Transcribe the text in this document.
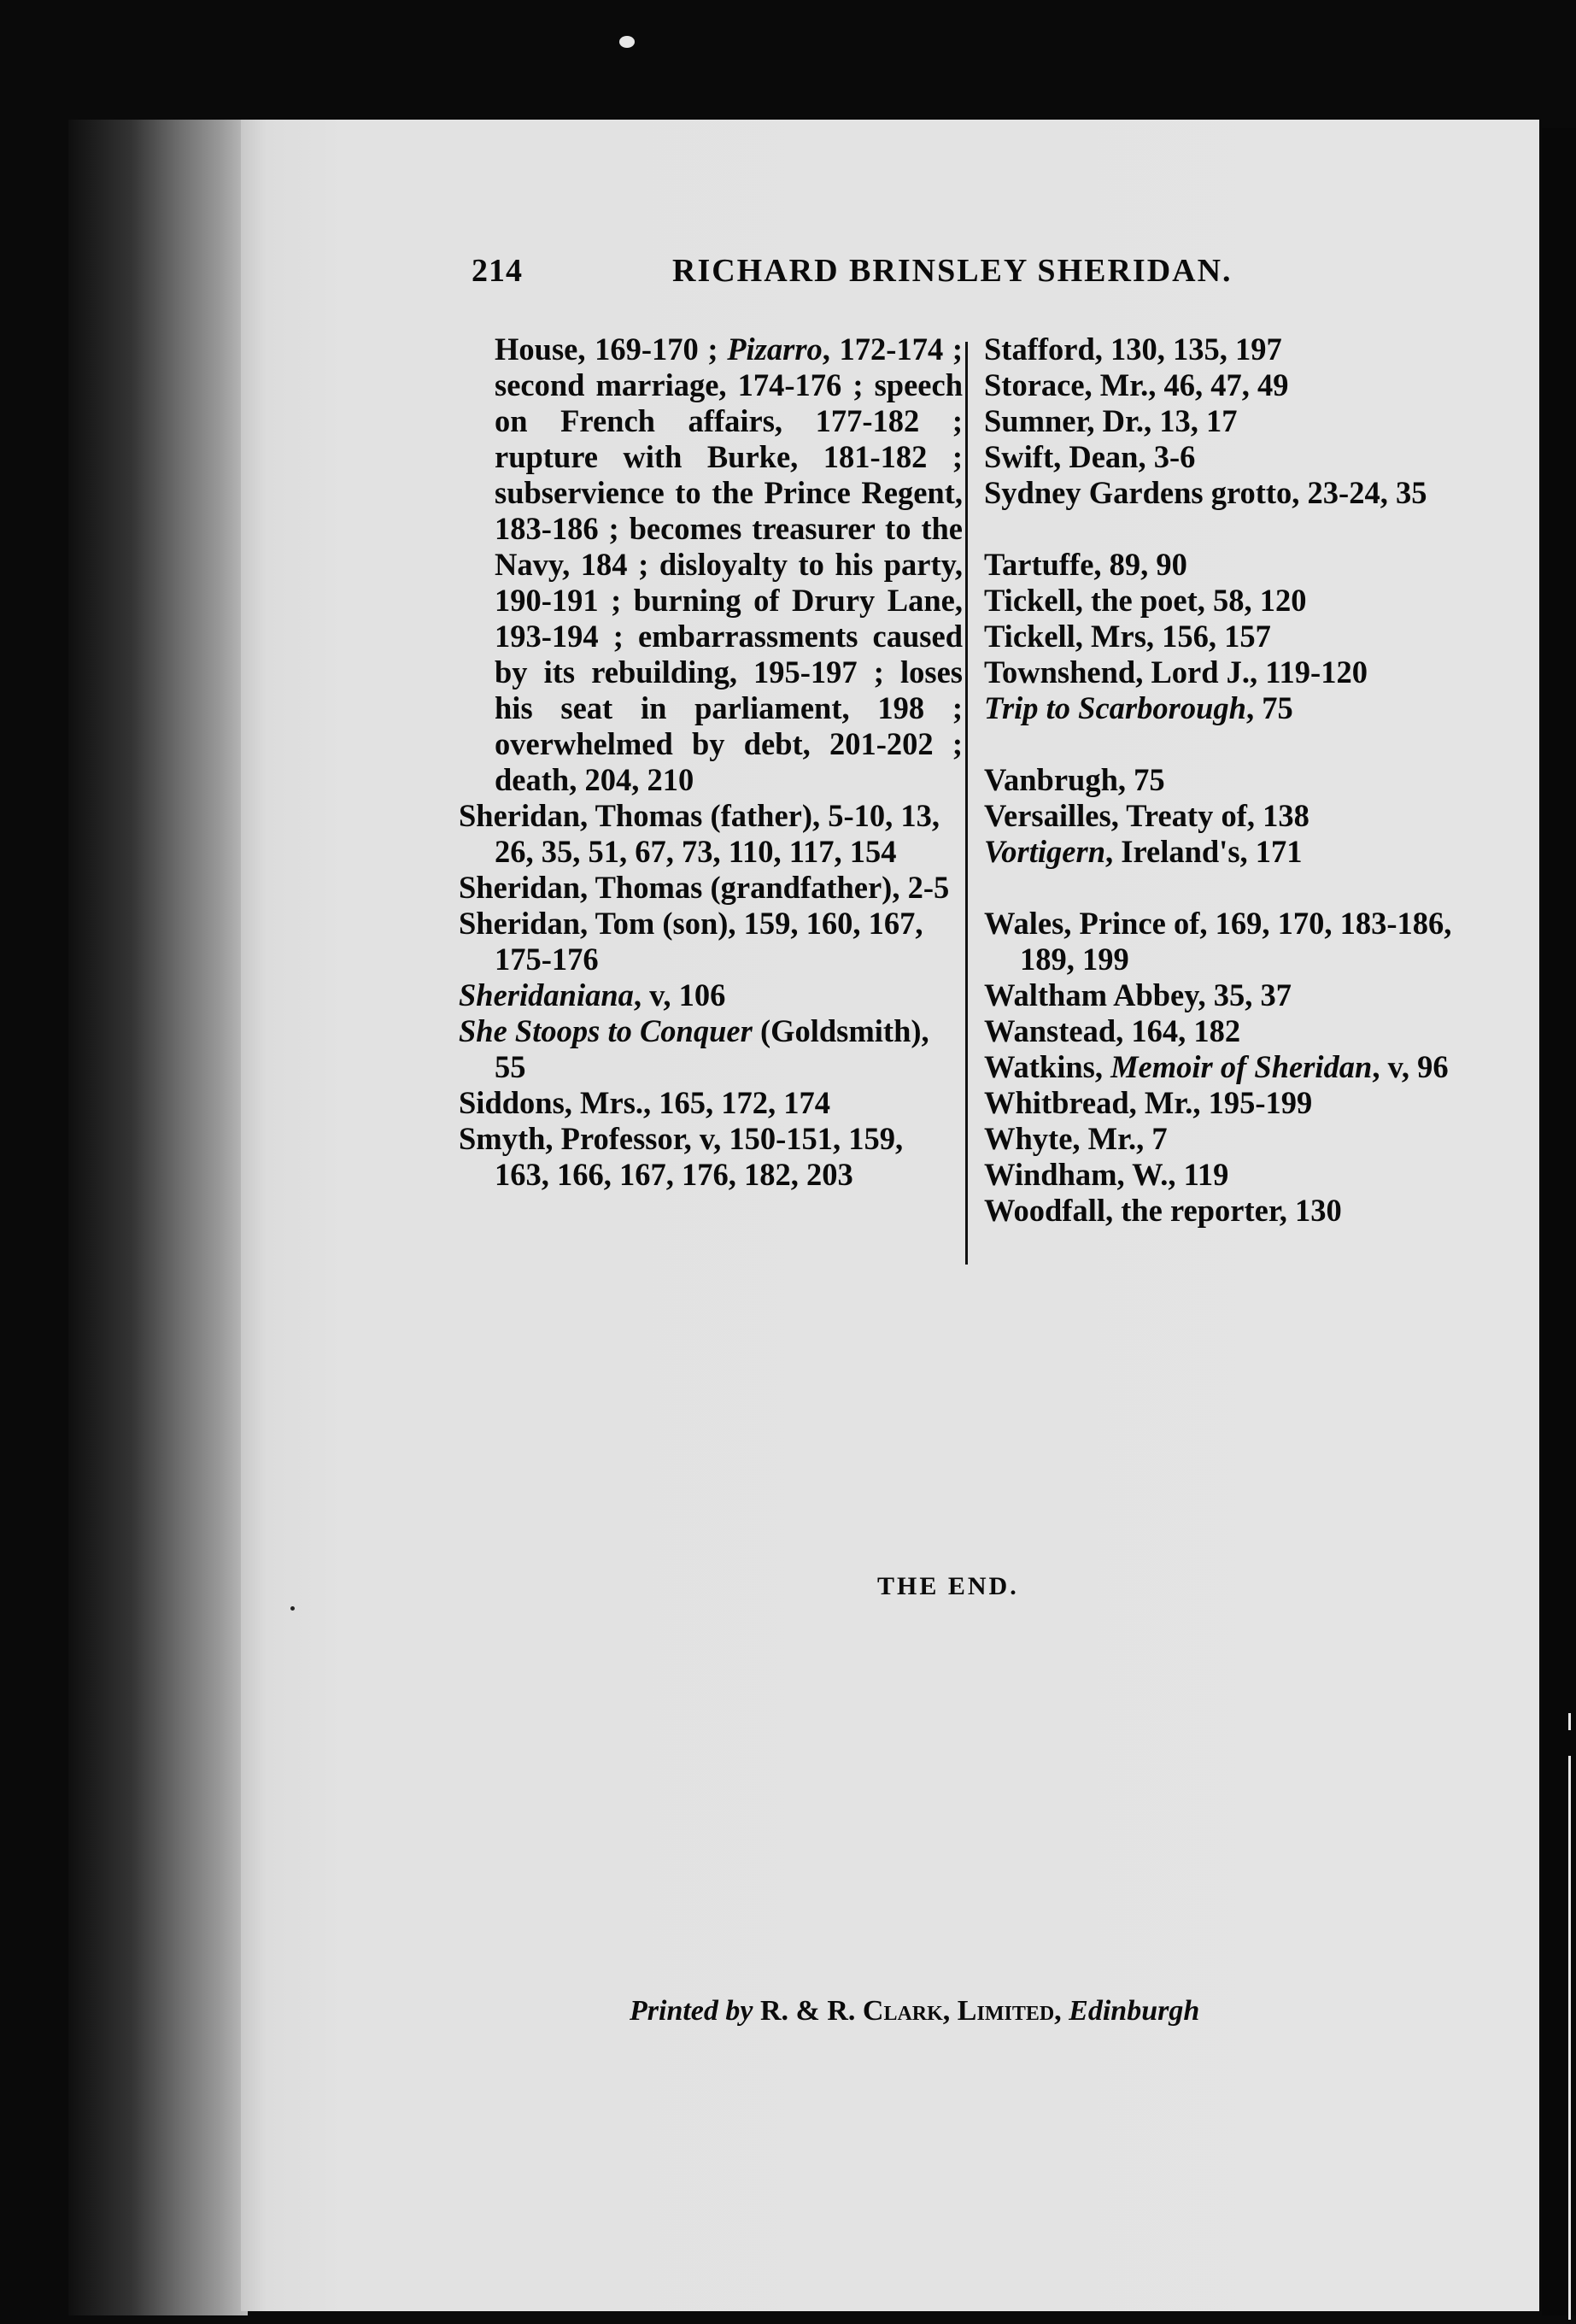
214	RICHARD BRINSLEY SHERIDAN.

House, 169-170 ; Pizarro, 172-174 ; second marriage, 174-176 ; speech on French affairs, 177-182 ; rupture with Burke, 181-182 ; subservience to the Prince Regent, 183-186 ; becomes treasurer to the Navy, 184 ; disloyalty to his party, 190-191 ; burning of Drury Lane, 193-194 ; embarrassments caused by its rebuilding, 195-197 ; loses his seat in parliament, 198 ; overwhelmed by debt, 201-202 ; death, 204, 210

Sheridan, Thomas (father), 5-10, 13, 26, 35, 51, 67, 73, 110, 117, 154

Sheridan, Thomas (grandfather), 2-5

Sheridan, Tom (son), 159, 160, 167, 175-176

Sheridaniana, v, 106

She Stoops to Conquer (Goldsmith), 55

Siddons, Mrs., 165, 172, 174

Smyth, Professor, v, 150-151, 159, 163, 166, 167, 176, 182, 203

Stafford, 130, 135, 197

Storace, Mr., 46, 47, 49

Sumner, Dr., 13, 17

Swift, Dean, 3-6

Sydney Gardens grotto, 23-24, 35

Tartuffe, 89, 90

Tickell, the poet, 58, 120

Tickell, Mrs, 156, 157

Townshend, Lord J., 119-120

Trip to Scarborough, 75

Vanbrugh, 75

Versailles, Treaty of, 138

Vortigern, Ireland's, 171

Wales, Prince of, 169, 170, 183-186, 189, 199

Waltham Abbey, 35, 37

Wanstead, 164, 182

Watkins, Memoir of Sheridan, v, 96

Whitbread, Mr., 195-199

Whyte, Mr., 7

Windham, W., 119

Woodfall, the reporter, 130

THE END.
Printed by R. & R. Clark, Limited, Edinburgh
